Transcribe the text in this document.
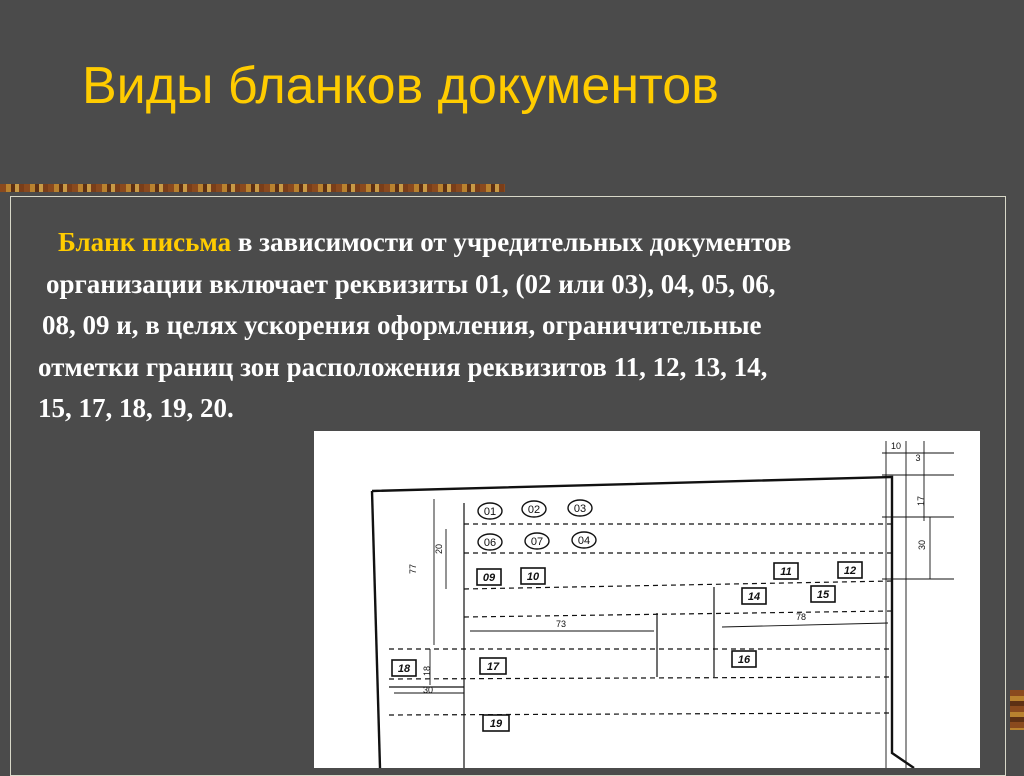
Виды бланков документов
Бланк письма в зависимости от учредительных документов
организации включает реквизиты 01, (02 или 03), 04, 05, 06,
08, 09 и, в целях ускорения оформления, ограничительные
отметки границ зон расположения реквизитов 11, 12, 13, 14,
15, 17, 18, 19, 20.
01	02	03
06	07	04
09	10	11	12
14	15
16
17
18
19
10
3
17
30
20
77
73
78
18
30
